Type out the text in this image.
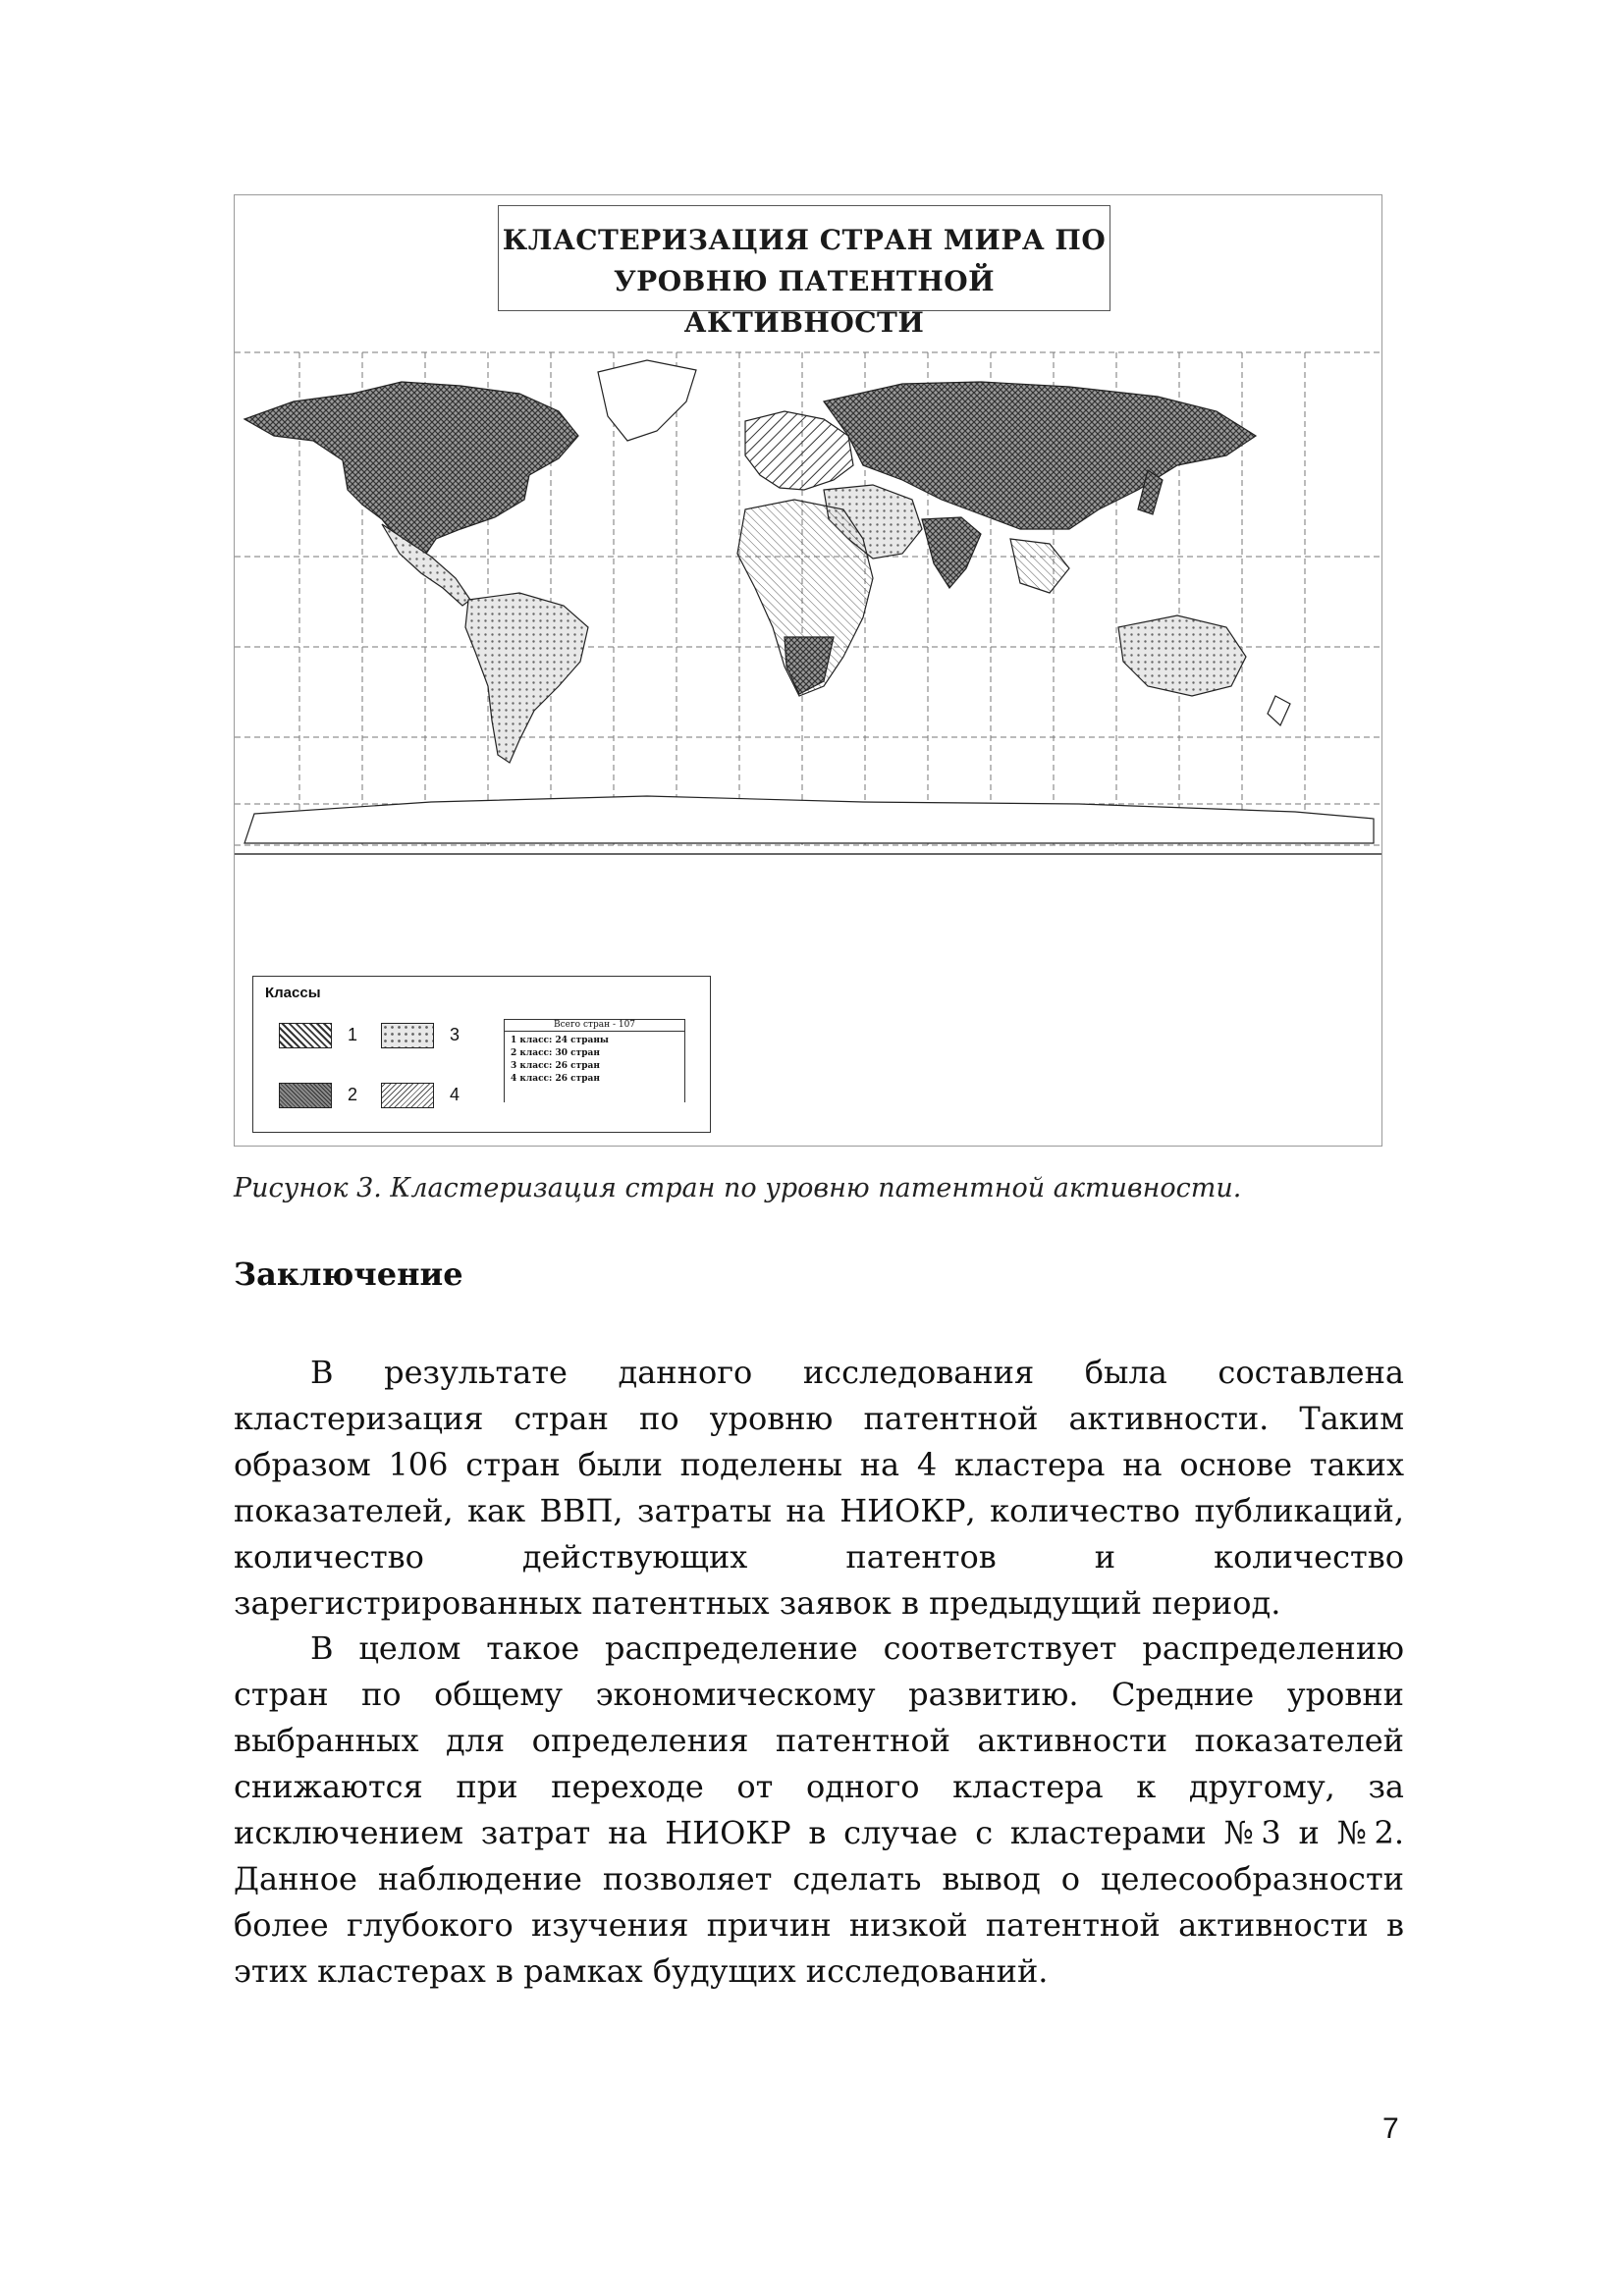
КЛАСТЕРИЗАЦИЯ СТРАН МИРА ПО
УРОВНЮ ПАТЕНТНОЙ АКТИВНОСТИ
Классы
1	3
2	4
Всего стран - 107
1 класс: 24 страны
2 класс: 30 стран
3 класс: 26 стран
4 класс: 26 стран
Рисунок 3. Кластеризация стран по уровню патентной активности.
Заключение

В результате данного исследования была составлена кластеризация стран по уровню патентной активности. Таким образом 106 стран были поделены на 4 кластера на основе таких показателей, как ВВП, затраты на НИОКР, количество публикаций, количество действующих патентов и количество зарегистрированных патентных заявок в предыдущий период.

В целом такое распределение соответствует распределению стран по общему экономическому развитию. Средние уровни выбранных для определения патентной активности показателей снижаются при переходе от одного кластера к другому, за исключением затрат на НИОКР в случае с кластерами №3 и №2. Данное наблюдение позволяет сделать вывод о целесообразности более глубокого изучения причин низкой патентной активности в этих кластерах в рамках будущих исследований.

7
